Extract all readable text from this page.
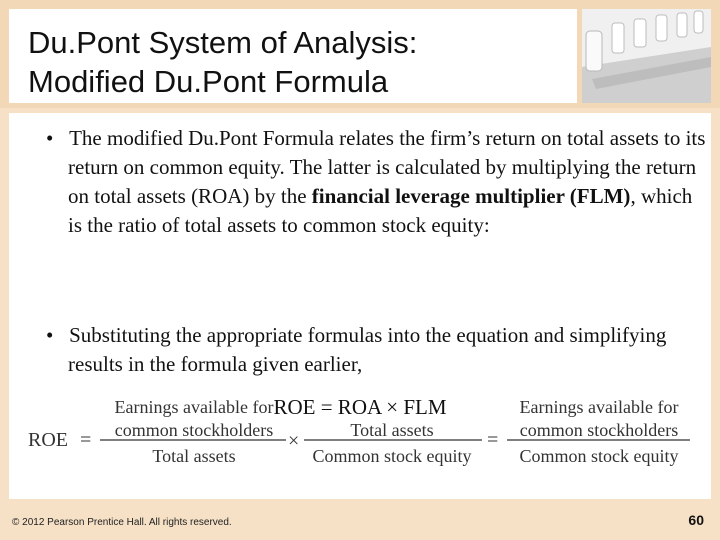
Du.Pont System of Analysis:
Modified Du.Pont Formula
• The modified Du.Pont Formula relates the firm’s return on total assets to its return on common equity. The latter is calculated by multiplying the return on total assets (ROA) by the financial leverage multiplier (FLM), which is the ratio of total assets to common stock equity:
ROE = ROA × FLM
• Substituting the appropriate formulas into the equation and simplifying results in the formula given earlier,
ROE =
Earnings available for
common stockholders
Total assets
×	Total assets
Common stock equity
=
Earnings available for
common stockholders
Common stock equity
© 2012 Pearson Prentice Hall. All rights reserved.	60
